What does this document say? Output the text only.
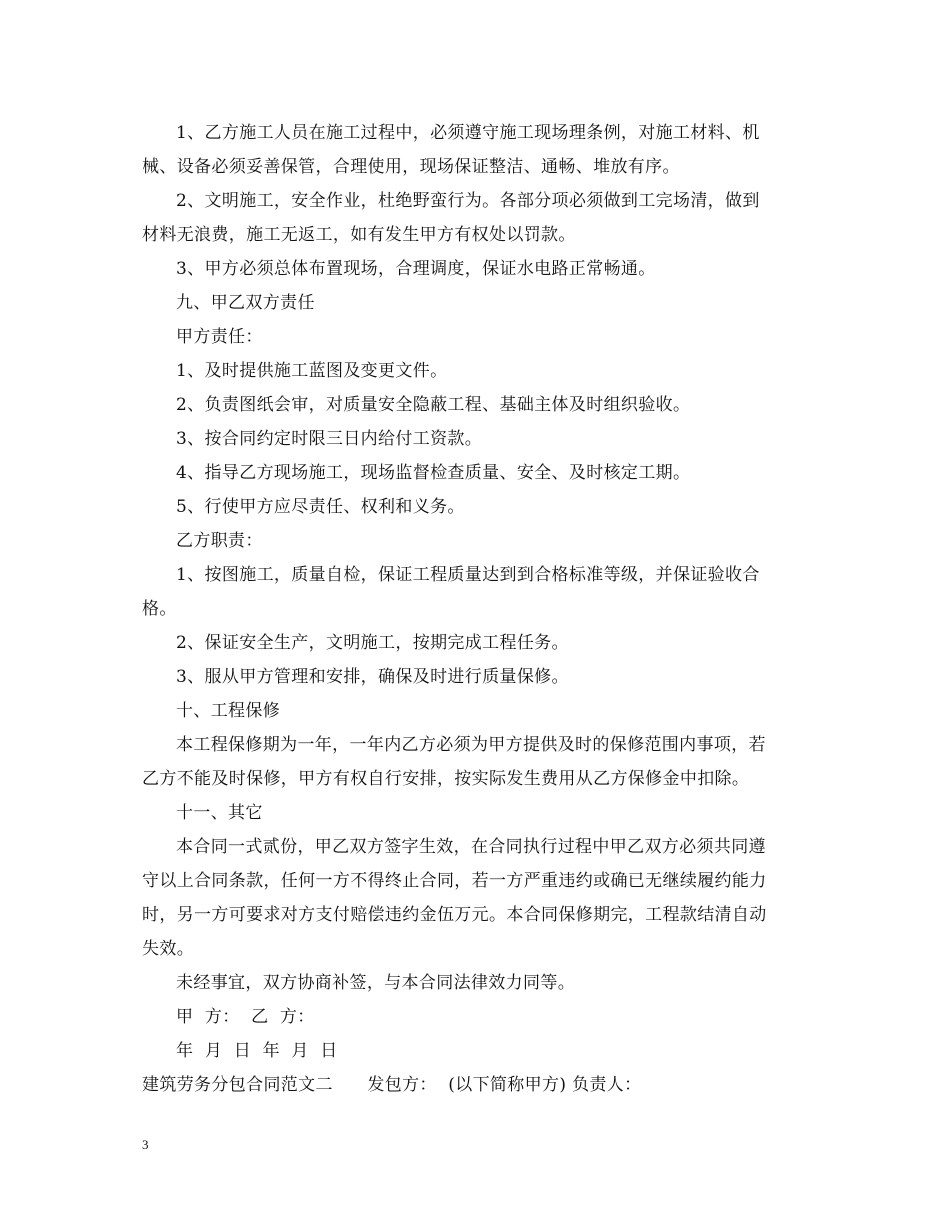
1、乙方施工人员在施工过程中，必须遵守施工现场理条例，对施工材料、机
械、设备必须妥善保管，合理使用，现场保证整洁、通畅、堆放有序。
2、文明施工，安全作业，杜绝野蛮行为。各部分项必须做到工完场清，做到
材料无浪费，施工无返工，如有发生甲方有权处以罚款。
3、甲方必须总体布置现场，合理调度，保证水电路正常畅通。
九、甲乙双方责任
甲方责任：
1、及时提供施工蓝图及变更文件。
2、负责图纸会审，对质量安全隐蔽工程、基础主体及时组织验收。
3、按合同约定时限三日内给付工资款。
4、指导乙方现场施工，现场监督检查质量、安全、及时核定工期。
5、行使甲方应尽责任、权利和义务。
乙方职责：
1、按图施工，质量自检，保证工程质量达到到合格标准等级，并保证验收合
格。
2、保证安全生产，文明施工，按期完成工程任务。
3、服从甲方管理和安排，确保及时进行质量保修。
十、工程保修
本工程保修期为一年，一年内乙方必须为甲方提供及时的保修范围内事项，若
乙方不能及时保修，甲方有权自行安排，按实际发生费用从乙方保修金中扣除。
十一、其它
本合同一式贰份，甲乙双方签字生效，在合同执行过程中甲乙双方必须共同遵
守以上合同条款，任何一方不得终止合同，若一方严重违约或确已无继续履约能力
时，另一方可要求对方支付赔偿违约金伍万元。本合同保修期完，工程款结清自动
失效。
未经事宜，双方协商补签，与本合同法律效力同等。
甲  方：  乙  方：
年  月  日  年  月  日
建筑劳务分包合同范文二      发包方：  (以下简称甲方) 负责人：
3
